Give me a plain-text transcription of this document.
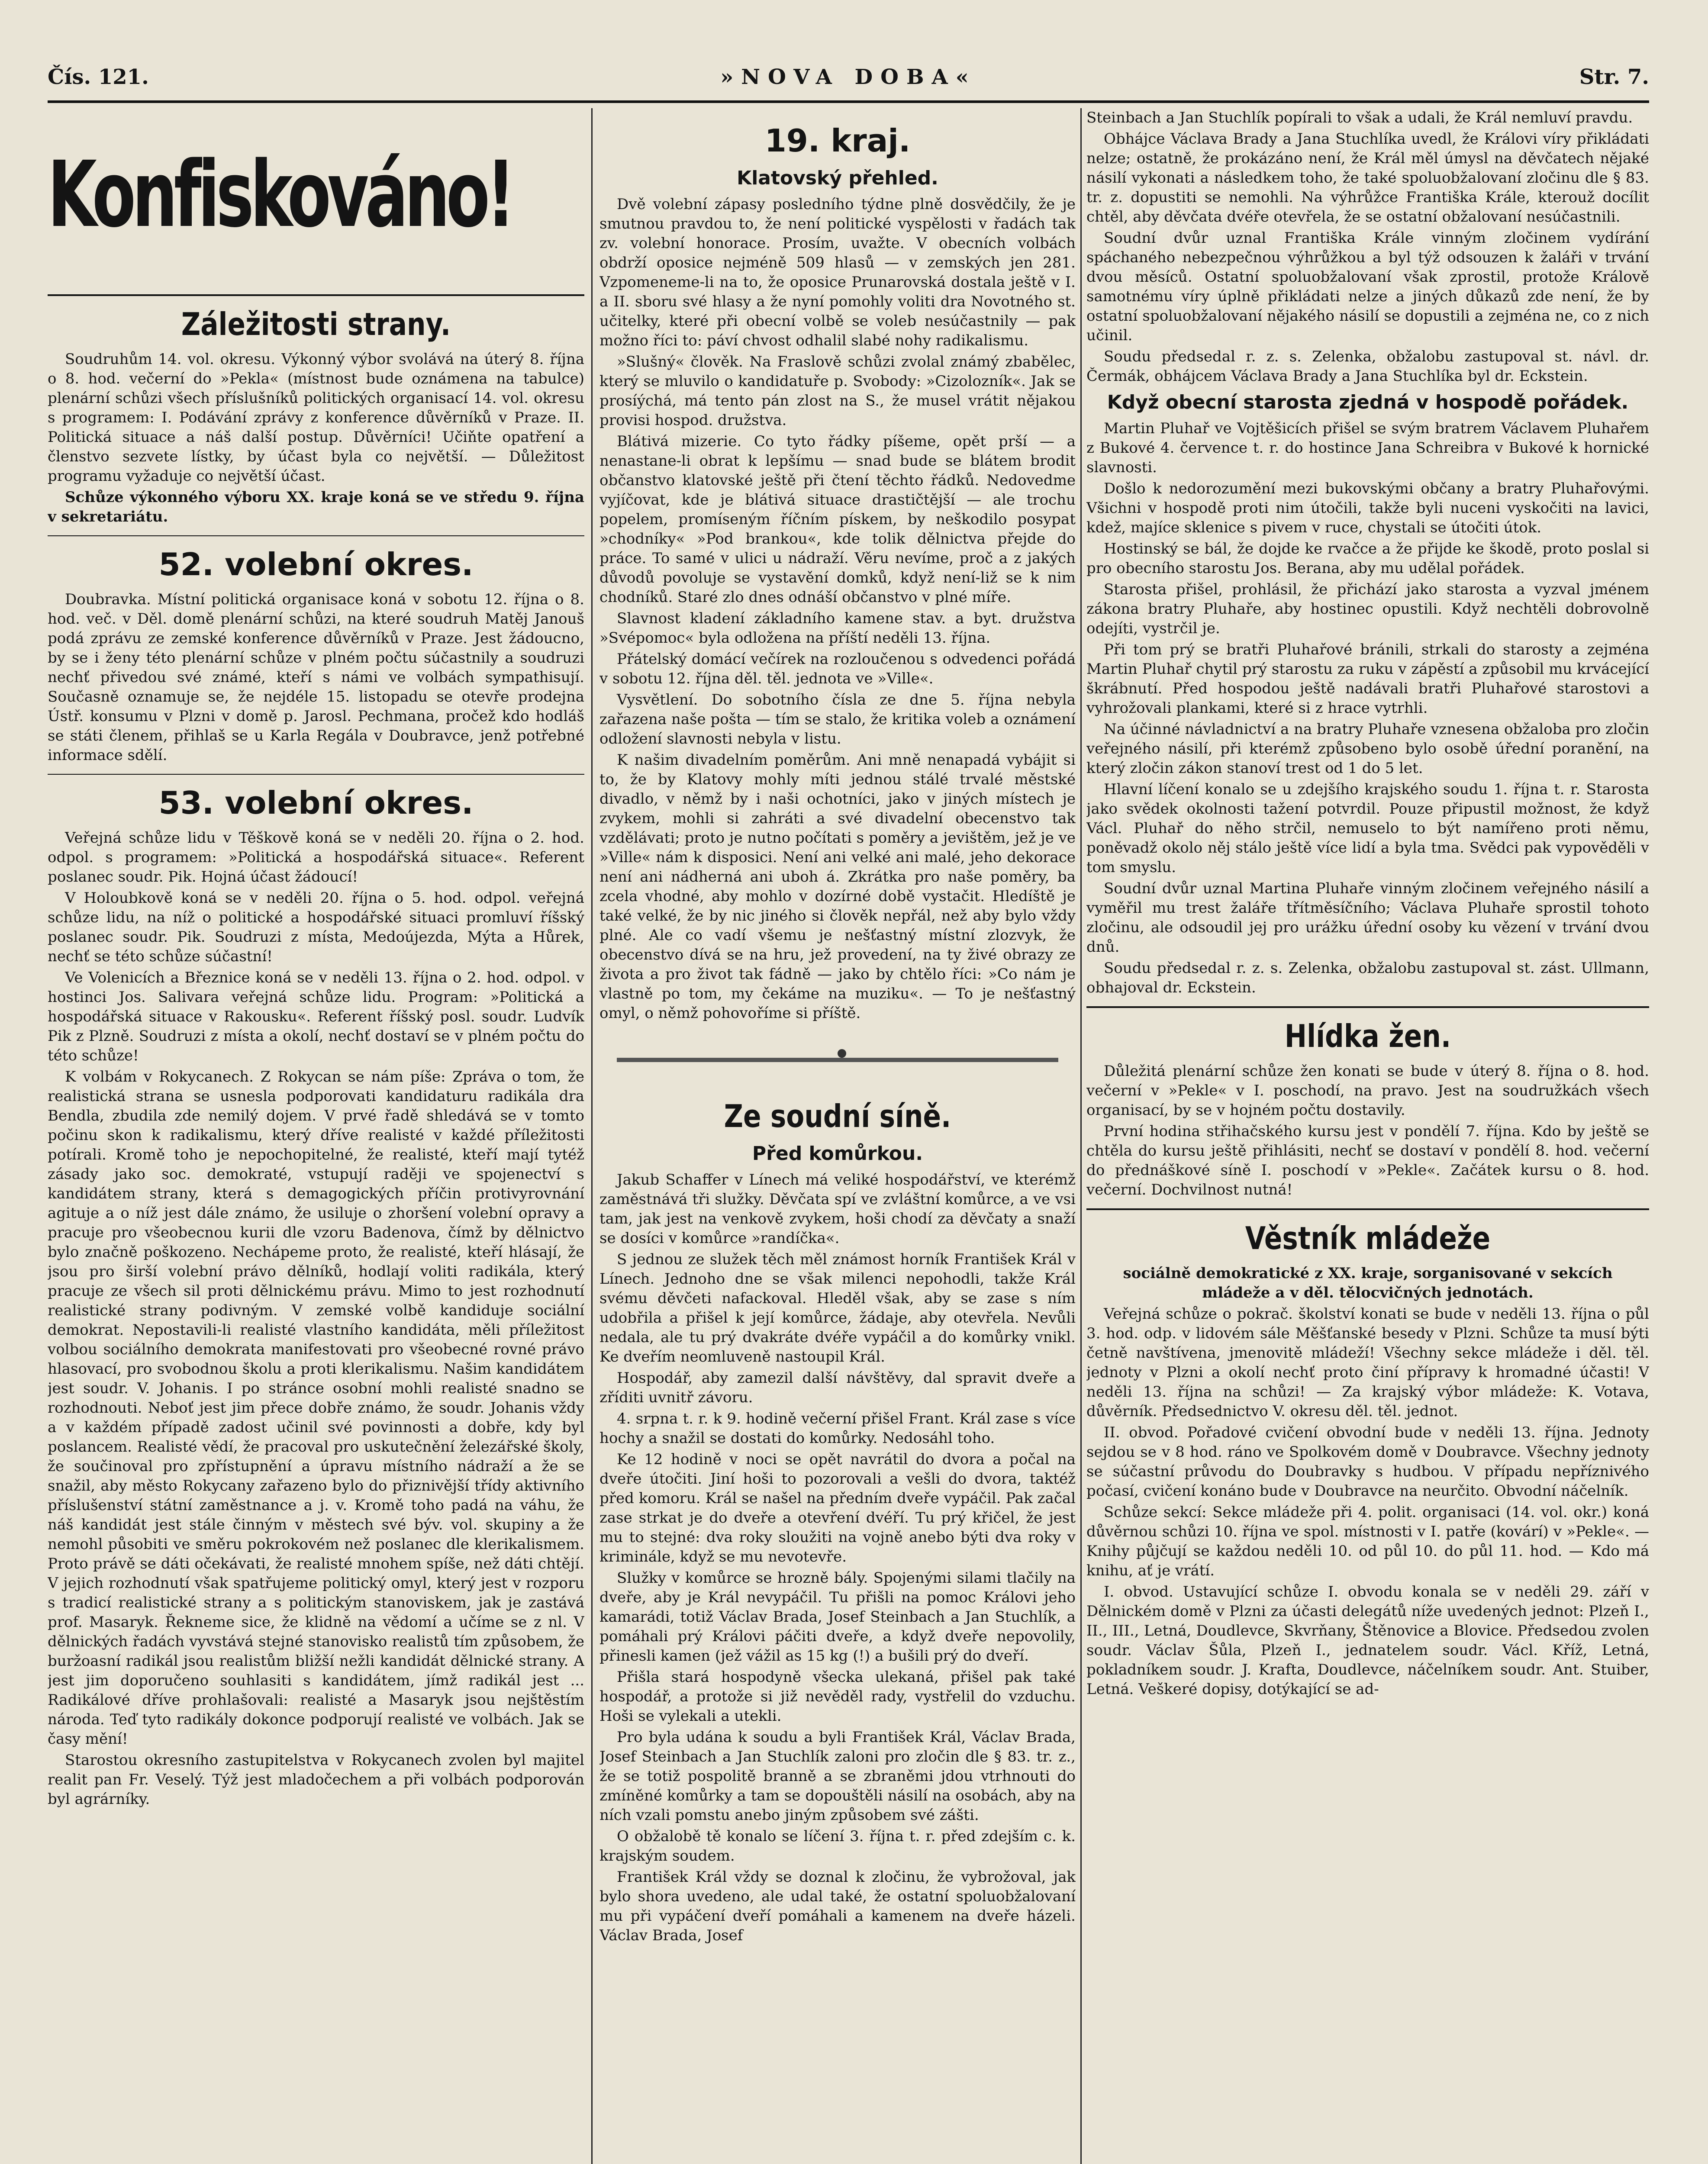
Čís. 121.	»NOVA DOBA«	Str. 7.
Konfiskováno!
Záležitosti strany.

Soudruhům 14. vol. okresu. Výkonný výbor svolává na úterý 8. října o 8. hod. večerní do »Pekla« (místnost bude oznámena na tabulce) plenární schůzi všech příslušníků politických organisací 14. vol. okresu s programem: I. Podávání zprávy z konference důvěrníků v Praze. II. Politická situace a náš další postup. Důvěrníci! Učiňte opatření a členstvo sezvete lístky, by účast byla co největší. — Důležitost programu vyžaduje co největší účast.

Schůze výkonného výboru XX. kraje koná se ve středu 9. října v sekretariátu.

52. volební okres.

Doubravka. Místní politická organisace koná v sobotu 12. října o 8. hod. več. v Děl. domě plenární schůzi, na které soudruh Matěj Janouš podá zprávu ze zemské konference důvěrníků v Praze. Jest žádoucno, by se i ženy této plenární schůze v plném počtu súčastnily a soudruzi nechť přivedou své známé, kteří s námi ve volbách sympathisují. Současně oznamuje se, že nejdéle 15. listopadu se otevře prodejna Ústř. konsumu v Plzni v domě p. Jarosl. Pechmana, pročež kdo hodláš se státi členem, přihlaš se u Karla Regála v Doubravce, jenž potřebné informace sdělí.

53. volební okres.

Veřejná schůze lidu v Těškově koná se v neděli 20. října o 2. hod. odpol. s programem: »Politická a hospodářská situace«. Referent poslanec soudr. Pik. Hojná účast žádoucí!

V Holoubkově koná se v neděli 20. října o 5. hod. odpol. veřejná schůze lidu, na níž o politické a hospodářské situaci promluví říšský poslanec soudr. Pik. Soudruzi z místa, Medoújezda, Mýta a Hůrek, nechť se této schůze súčastní!

Ve Volenicích a Březnice koná se v neděli 13. října o 2. hod. odpol. v hostinci Jos. Salivara veřejná schůze lidu. Program: »Politická a hospodářská situace v Rakousku«. Referent říšský posl. soudr. Ludvík Pik z Plzně. Soudruzi z místa a okolí, nechť dostaví se v plném počtu do této schůze!

K volbám v Rokycanech. Z Rokycan se nám píše: Zpráva o tom, že realistická strana se usnesla podporovati kandidaturu radikála dra Bendla, zbudila zde nemilý dojem. V prvé řadě shledává se v tomto počinu skon k radikalismu, který dříve realisté v každé příležitosti potírali. Kromě toho je nepochopitelné, že realisté, kteří mají tytéž zásady jako soc. demokraté, vstupují raději ve spojenectví s kandidátem strany, která s demagogických příčin protivyrovnání agituje a o níž jest dále známo, že usiluje o zhoršení volební opravy a pracuje pro všeobecnou kurii dle vzoru Badenova, čímž by dělnictvo bylo značně poškozeno. Nechápeme proto, že realisté, kteří hlásají, že jsou pro širší volební právo dělníků, hodlají voliti radikála, který pracuje ze všech sil proti dělnickému právu. Mimo to jest rozhodnutí realistické strany podivným. V zemské volbě kandiduje sociální demokrat. Nepostavili-li realisté vlastního kandidáta, měli příležitost volbou sociálního demokrata manifestovati pro všeobecné rovné právo hlasovací, pro svobodnou školu a proti klerikalismu. Našim kandidátem jest soudr. V. Johanis. I po stránce osobní mohli realisté snadno se rozhodnouti. Neboť jest jim přece dobře známo, že soudr. Johanis vždy a v každém případě zadost učinil své povinnosti a dobře, kdy byl poslancem. Realisté vědí, že pracoval pro uskutečnění železářské školy, že součinoval pro zpřístupnění a úpravu místního nádraží a že se snažil, aby město Rokycany zařazeno bylo do přiznivější třídy aktivního příslušenství státní zaměstnance a j. v. Kromě toho padá na váhu, že náš kandidát jest stále činným v městech své býv. vol. skupiny a že nemohl působiti ve směru pokrokovém než poslanec dle klerikalismem. Proto právě se dáti očekávati, že realisté mnohem spíše, než dáti chtějí. V jejich rozhodnutí však spatřujeme politický omyl, který jest v rozporu s tradicí realistické strany a s politickým stanoviskem, jak je zastává prof. Masaryk. Řekneme sice, že klidně na vědomí a učíme se z nl. V dělnických řadách vyvstává stejné stanovisko realistů tím způsobem, že buržoasní radikál jsou realistům bližší nežli kandidát dělnické strany. A jest jim doporučeno souhlasiti s kandidátem, jímž radikál jest ... Radikálové dříve prohlašovali: realisté a Masaryk jsou nejštěstím národa. Teď tyto radikály dokonce podporují realisté ve volbách. Jak se časy mění!

Starostou okresního zastupitelstva v Rokycanech zvolen byl majitel realit pan Fr. Veselý. Týž jest mladočechem a při volbách podporován byl agrárníky.

19. kraj.
Klatovský přehled.

Dvě volební zápasy posledního týdne plně dosvědčily, že je smutnou pravdou to, že není politické vyspělosti v řadách tak zv. volební honorace. Prosím, uvažte. V obecních volbách obdrží oposice nejméně 509 hlasů — v zemských jen 281. Vzpomeneme-li na to, že oposice Prunarovská dostala ještě v I. a II. sboru své hlasy a že nyní pomohly voliti dra Novotného st. učitelky, které při obecní volbě se voleb nesúčastnily — pak možno říci to: páví chvost odhalil slabé nohy radikalismu.

»Slušný« člověk. Na Fraslově schůzi zvolal známý zbabělec, který se mluvilo o kandidatuře p. Svobody: »Cizolozník«. Jak se prosíýchá, má tento pán zlost na S., že musel vrátit nějakou provisi hospod. družstva.

Blátivá mizerie. Co tyto řádky píšeme, opět prší — a nenastane-li obrat k lepšímu — snad bude se blátem brodit občanstvo klatovské ještě při čtení těchto řádků. Nedovedme vyjíčovat, kde je blátivá situace drastičtější — ale trochu popelem, promíseným říčním pískem, by neškodilo posypat »chodníky« »Pod brankou«, kde tolik dělnictva přejde do práce. To samé v ulici u nádraží. Věru nevíme, proč a z jakých důvodů povoluje se vystavění domků, když není-liž se k nim chodníků. Staré zlo dnes odnáší občanstvo v plné míře.

Slavnost kladení základního kamene stav. a byt. družstva »Svépomoc« byla odložena na příští neděli 13. října.

Přátelský domácí večírek na rozloučenou s odvedenci pořádá v sobotu 12. října děl. těl. jednota ve »Ville«.

Vysvětlení. Do sobotního čísla ze dne 5. října nebyla zařazena naše pošta — tím se stalo, že kritika voleb a oznámení odložení slavnosti nebyla v listu.

K našim divadelním poměrům. Ani mně nenapadá vybájit si to, že by Klatovy mohly míti jednou stálé trvalé městské divadlo, v němž by i naši ochotníci, jako v jiných místech je zvykem, mohli si zahráti a své divadelní obecenstvo tak vzdělávati; proto je nutno počítati s poměry a jevištěm, jež je ve »Ville« nám k disposici. Není ani velké ani malé, jeho dekorace není ani nádherná ani uboh á. Zkrátka pro naše poměry, ba zcela vhodné, aby mohlo v dozírné době vystačit. Hledíště je také velké, že by nic jiného si člověk nepřál, než aby bylo vždy plné. Ale co vadí všemu je nešťastný místní zlozvyk, že obecenstvo dívá se na hru, jež provedení, na ty živé obrazy ze života a pro život tak fádně — jako by chtělo říci: »Co nám je vlastně po tom, my čekáme na muziku«. — To je nešťastný omyl, o němž pohovoříme si příště.

Ze soudní síně.
Před komůrkou.

Jakub Schaffer v Línech má veliké hospodářství, ve kterémž zaměstnává tři služky. Děvčata spí ve zvláštní komůrce, a ve vsi tam, jak jest na venkově zvykem, hoši chodí za děvčaty a snaží se dosíci v komůrce »randíčka«.

S jednou ze služek těch měl známost horník František Král v Línech. Jednoho dne se však milenci nepohodli, takže Král svému děvčeti nafackoval. Hleděl však, aby se zase s ním udobřila a přišel k její komůrce, žádaje, aby otevřela. Nevůli nedala, ale tu prý dvakráte dvéře vypáčil a do komůrky vnikl. Ke dveřím neomluveně nastoupil Král.

Hospodář, aby zamezil další návštěvy, dal spravit dveře a zříditi uvnitř závoru.

4. srpna t. r. k 9. hodině večerní přišel Frant. Král zase s více hochy a snažil se dostati do komůrky. Nedosáhl toho.

Ke 12 hodině v noci se opět navrátil do dvora a počal na dveře útočiti. Jiní hoši to pozorovali a vešli do dvora, taktéž před komoru. Král se našel na předním dveře vypáčil. Pak začal zase strkat je do dveře a otevření dvéří. Tu prý křičel, že jest mu to stejné: dva roky sloužiti na vojně anebo býti dva roky v kriminále, když se mu nevotevře.

Služky v komůrce se hrozně bály. Spojenými silami tlačily na dveře, aby je Král nevypáčil. Tu přišli na pomoc Královi jeho kamarádi, totiž Václav Brada, Josef Steinbach a Jan Stuchlík, a pomáhali prý Královi páčiti dveře, a když dveře nepovolily, přinesli kamen (jež vážil as 15 kg (!) a bušili prý do dveří.

Přišla stará hospodyně všecka ulekaná, přišel pak také hospodář, a protože si již nevěděl rady, vystřelil do vzduchu. Hoši se vylekali a utekli.

Pro byla udána k soudu a byli František Král, Václav Brada, Josef Steinbach a Jan Stuchlík zaloni pro zločin dle § 83. tr. z., že se totiž pospolitě branně a se zbraněmi jdou vtrhnouti do zmíněné komůrky a tam se dopouštěli násilí na osobách, aby na ních vzali pomstu anebo jiným způsobem své zášti.

O obžalobě tě konalo se líčení 3. října t. r. před zdejším c. k. krajským soudem.

František Král vždy se doznal k zločinu, že vybrožoval, jak bylo shora uvedeno, ale udal také, že ostatní spoluobžalovaní mu při vypáčení dveří pomáhali a kamenem na dveře házeli. Václav Brada, Josef

Steinbach a Jan Stuchlík popírali to však a udali, že Král nemluví pravdu.

Obhájce Václava Brady a Jana Stuchlíka uvedl, že Královi víry přikládati nelze; ostatně, že prokázáno není, že Král měl úmysl na děvčatech nějaké násilí vykonati a následkem toho, že také spoluobžalovaní zločinu dle § 83. tr. z. dopustiti se nemohli. Na výhrůžce Františka Krále, kterouž docílit chtěl, aby děvčata dvéře otevřela, že se ostatní obžalovaní nesúčastnili.

Soudní dvůr uznal Františka Krále vinným zločinem vydírání spáchaného nebezpečnou výhrůžkou a byl týž odsouzen k žaláři v trvání dvou měsíců. Ostatní spoluobžalovaní však zprostil, protože Králově samotnému víry úplně přikládati nelze a jiných důkazů zde není, že by ostatní spoluobžalovaní nějakého násilí se dopustili a zejména ne, co z nich učinil.

Soudu předsedal r. z. s. Zelenka, obžalobu zastupoval st. návl. dr. Čermák, obhájcem Václava Brady a Jana Stuchlíka byl dr. Eckstein.

Když obecní starosta zjedná v hospodě pořádek.

Martin Pluhař ve Vojtěšicích přišel se svým bratrem Václavem Pluhařem z Bukové 4. července t. r. do hostince Jana Schreibra v Bukové k hornické slavnosti.

Došlo k nedorozumění mezi bukovskými občany a bratry Pluhařovými. Všichni v hospodě proti nim útočili, takže byli nuceni vyskočiti na lavici, kdež, majíce sklenice s pivem v ruce, chystali se útočiti útok.

Hostinský se bál, že dojde ke rvačce a že přijde ke škodě, proto poslal si pro obecního starostu Jos. Berana, aby mu udělal pořádek.

Starosta přišel, prohlásil, že přichází jako starosta a vyzval jménem zákona bratry Pluhaře, aby hostinec opustili. Když nechtěli dobrovolně odejíti, vystrčil je.

Při tom prý se bratři Pluhařové bránili, strkali do starosty a zejména Martin Pluhař chytil prý starostu za ruku v zápěstí a způsobil mu krvácející škrábnutí. Před hospodou ještě nadávali bratři Pluhařové starostovi a vyhrožovali plankami, které si z hrace vytrhli.

Na účinné návladnictví a na bratry Pluhaře vznesena obžaloba pro zločin veřejného násilí, při kterémž způsobeno bylo osobě úřední poranění, na který zločin zákon stanoví trest od 1 do 5 let.

Hlavní líčení konalo se u zdejšího krajského soudu 1. října t. r. Starosta jako svědek okolnosti tažení potvrdil. Pouze připustil možnost, že když Václ. Pluhař do něho strčil, nemuselo to být namířeno proti němu, poněvadž okolo něj stálo ještě více lidí a byla tma. Svědci pak vypověděli v tom smyslu.

Soudní dvůr uznal Martina Pluhaře vinným zločinem veřejného násilí a vyměřil mu trest žaláře třítměsíčního; Václava Pluhaře sprostil tohoto zločinu, ale odsoudil jej pro urážku úřední osoby ku vězení v trvání dvou dnů.

Soudu předsedal r. z. s. Zelenka, obžalobu zastupoval st. zást. Ullmann, obhajoval dr. Eckstein.

Hlídka žen.

Důležitá plenární schůze žen konati se bude v úterý 8. října o 8. hod. večerní v »Pekle« v I. poschodí, na pravo. Jest na soudružkách všech organisací, by se v hojném počtu dostavily.

První hodina střihačského kursu jest v pondělí 7. října. Kdo by ještě se chtěla do kursu ještě přihlásiti, nechť se dostaví v pondělí 8. hod. večerní do přednáškové síně I. poschodí v »Pekle«. Začátek kursu o 8. hod. večerní. Dochvilnost nutná!

Věstník mládeže

sociálně demokratické z XX. kraje, sorganisované v sekcích mládeže a v děl. tělocvičných jednotách.

Veřejná schůze o pokrač. školství konati se bude v neděli 13. října o půl 3. hod. odp. v lidovém sále Měšťanské besedy v Plzni. Schůze ta musí býti četně navštívena, jmenovitě mládeží! Všechny sekce mládeže i děl. těl. jednoty v Plzni a okolí nechť proto činí přípravy k hromadné účasti! V neděli 13. října na schůzi! — Za krajský výbor mládeže: K. Votava, důvěrník. Předsednictvo V. okresu děl. těl. jednot.

II. obvod. Pořadové cvičení obvodní bude v neděli 13. října. Jednoty sejdou se v 8 hod. ráno ve Spolkovém domě v Doubravce. Všechny jednoty se súčastní průvodu do Doubravky s hudbou. V případu nepříznivého počasí, cvičení konáno bude v Doubravce na neurčito. Obvodní náčelník.

Schůze sekcí: Sekce mládeže při 4. polit. organisaci (14. vol. okr.) koná důvěrnou schůzi 10. října ve spol. místnosti v I. patře (kovárí) v »Pekle«. — Knihy půjčují se každou neděli 10. od půl 10. do půl 11. hod. — Kdo má knihu, ať je vrátí.

I. obvod. Ustavující schůze I. obvodu konala se v neděli 29. září v Dělnickém domě v Plzni za účasti delegátů níže uvedených jednot: Plzeň I., II., III., Letná, Doudlevce, Skvrňany, Štěnovice a Blovice. Předsedou zvolen soudr. Václav Šůla, Plzeň I., jednatelem soudr. Václ. Kříž, Letná, pokladníkem soudr. J. Krafta, Doudlevce, náčelníkem soudr. Ant. Stuiber, Letná. Veškeré dopisy, dotýkající se ad-
